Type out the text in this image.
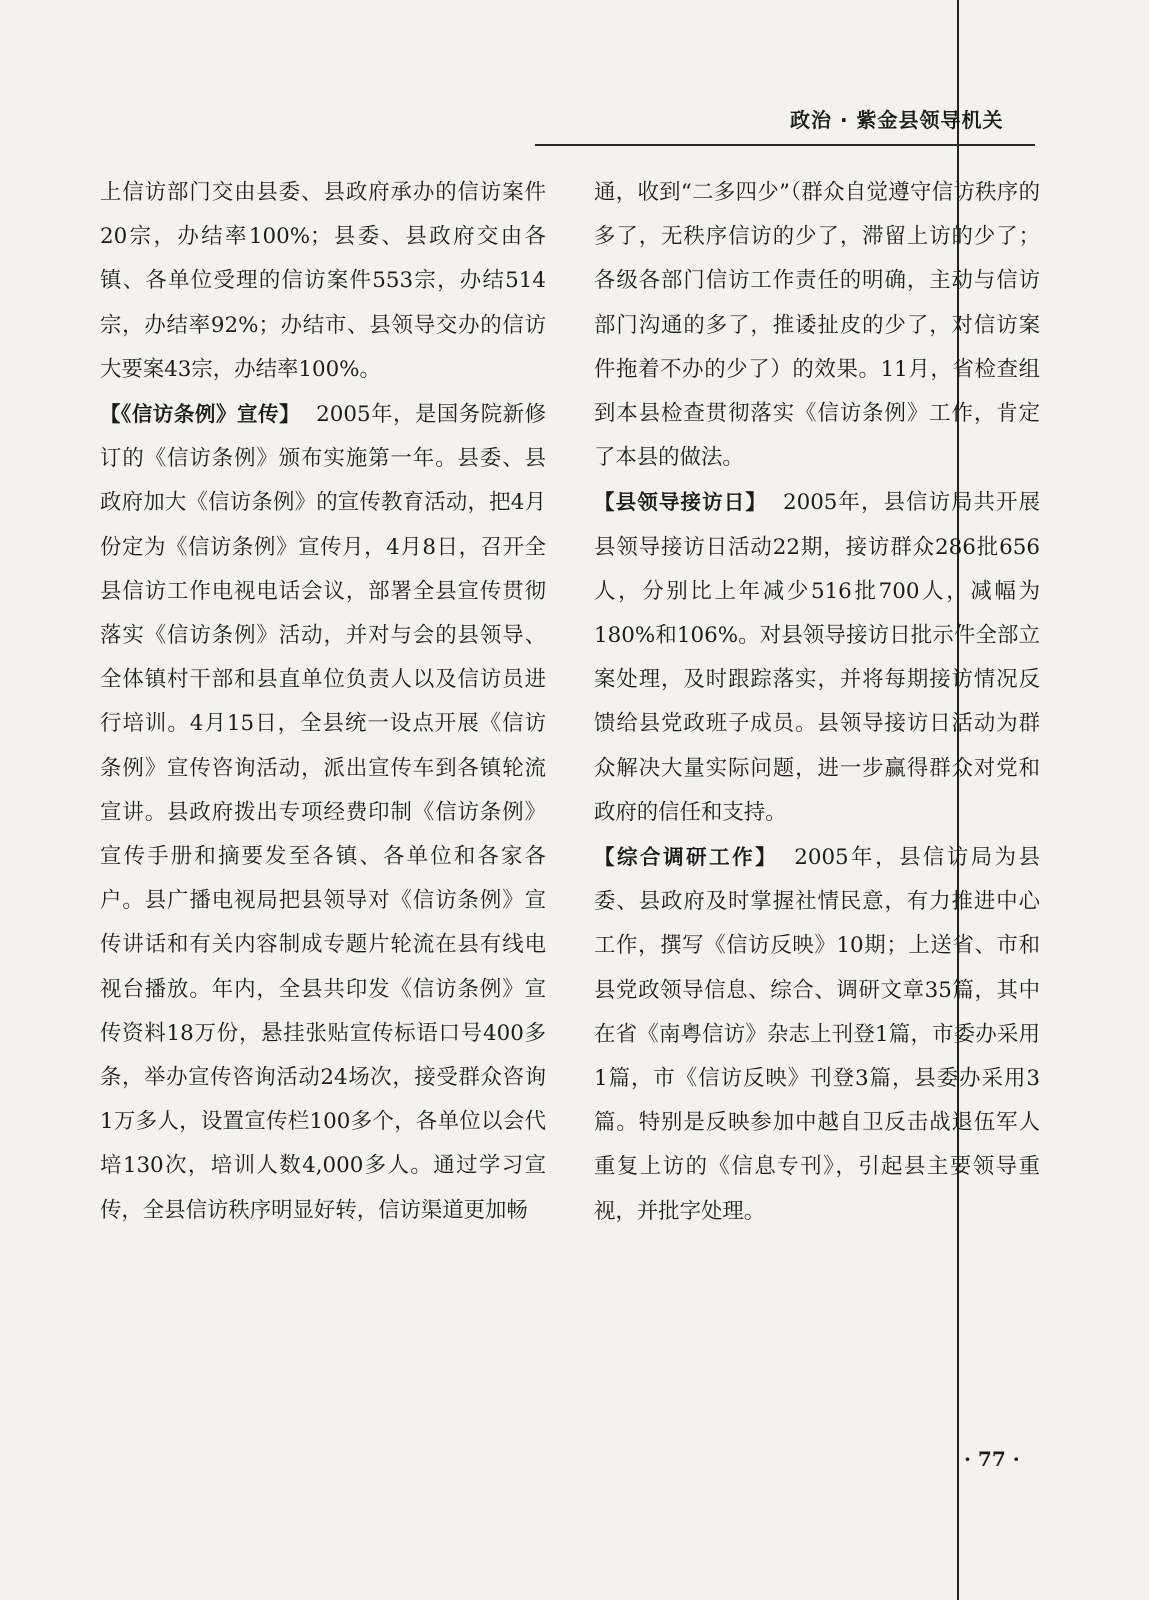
政治 · 紫金县领导机关

上信访部门交由县委、县政府承办的信访案件20宗，办结率100%；县委、县政府交由各镇、各单位受理的信访案件553宗，办结514宗，办结率92%；办结市、县领导交办的信访大要案43宗，办结率100%。

【《信访条例》宣传】 2005年，是国务院新修订的《信访条例》颁布实施第一年。县委、县政府加大《信访条例》的宣传教育活动，把4月份定为《信访条例》宣传月，4月8日，召开全县信访工作电视电话会议，部署全县宣传贯彻落实《信访条例》活动，并对与会的县领导、全体镇村干部和县直单位负责人以及信访员进行培训。4月15日，全县统一设点开展《信访条例》宣传咨询活动，派出宣传车到各镇轮流宣讲。县政府拨出专项经费印制《信访条例》宣传手册和摘要发至各镇、各单位和各家各户。县广播电视局把县领导对《信访条例》宣传讲话和有关内容制成专题片轮流在县有线电视台播放。年内，全县共印发《信访条例》宣传资料18万份，悬挂张贴宣传标语口号400多条，举办宣传咨询活动24场次，接受群众咨询1万多人，设置宣传栏100多个，各单位以会代培130次，培训人数4,000多人。通过学习宣传，全县信访秩序明显好转，信访渠道更加畅

通，收到“二多四少”（群众自觉遵守信访秩序的多了，无秩序信访的少了，滞留上访的少了；各级各部门信访工作责任的明确，主动与信访部门沟通的多了，推诿扯皮的少了，对信访案件拖着不办的少了）的效果。11月，省检查组到本县检查贯彻落实《信访条例》工作，肯定了本县的做法。

【县领导接访日】 2005年，县信访局共开展县领导接访日活动22期，接访群众286批656人，分别比上年减少516批700人，减幅为180%和106%。对县领导接访日批示件全部立案处理，及时跟踪落实，并将每期接访情况反馈给县党政班子成员。县领导接访日活动为群众解决大量实际问题，进一步赢得群众对党和政府的信任和支持。

【综合调研工作】 2005年，县信访局为县委、县政府及时掌握社情民意，有力推进中心工作，撰写《信访反映》10期；上送省、市和县党政领导信息、综合、调研文章35篇，其中在省《南粤信访》杂志上刊登1篇，市委办采用1篇，市《信访反映》刊登3篇，县委办采用3篇。特别是反映参加中越自卫反击战退伍军人重复上访的《信息专刊》，引起县主要领导重视，并批字处理。

· 77 ·
